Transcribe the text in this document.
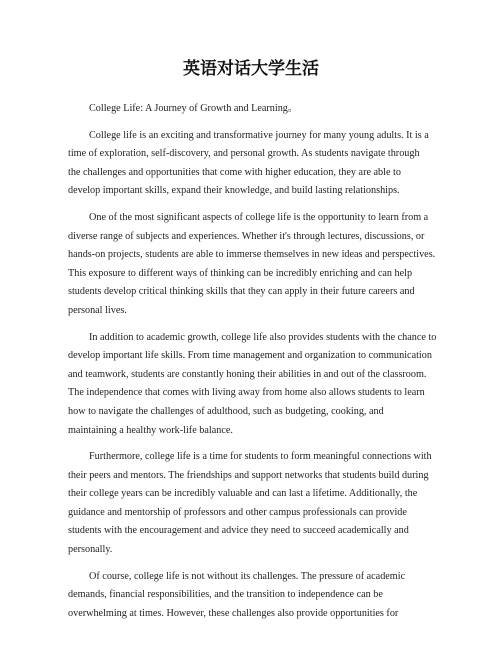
英语对话大学生活

College Life: A Journey of Growth and Learning。

College life is an exciting and transformative journey for many young adults. It is a
time of exploration, self-discovery, and personal growth. As students navigate through
the challenges and opportunities that come with higher education, they are able to
develop important skills, expand their knowledge, and build lasting relationships.

One of the most significant aspects of college life is the opportunity to learn from a
diverse range of subjects and experiences. Whether it's through lectures, discussions, or
hands-on projects, students are able to immerse themselves in new ideas and perspectives.
This exposure to different ways of thinking can be incredibly enriching and can help
students develop critical thinking skills that they can apply in their future careers and
personal lives.

In addition to academic growth, college life also provides students with the chance to
develop important life skills. From time management and organization to communication
and teamwork, students are constantly honing their abilities in and out of the classroom.
The independence that comes with living away from home also allows students to learn
how to navigate the challenges of adulthood, such as budgeting, cooking, and
maintaining a healthy work-life balance.

Furthermore, college life is a time for students to form meaningful connections with
their peers and mentors. The friendships and support networks that students build during
their college years can be incredibly valuable and can last a lifetime. Additionally, the
guidance and mentorship of professors and other campus professionals can provide
students with the encouragement and advice they need to succeed academically and
personally.

Of course, college life is not without its challenges. The pressure of academic
demands, financial responsibilities, and the transition to independence can be
overwhelming at times. However, these challenges also provide opportunities for
